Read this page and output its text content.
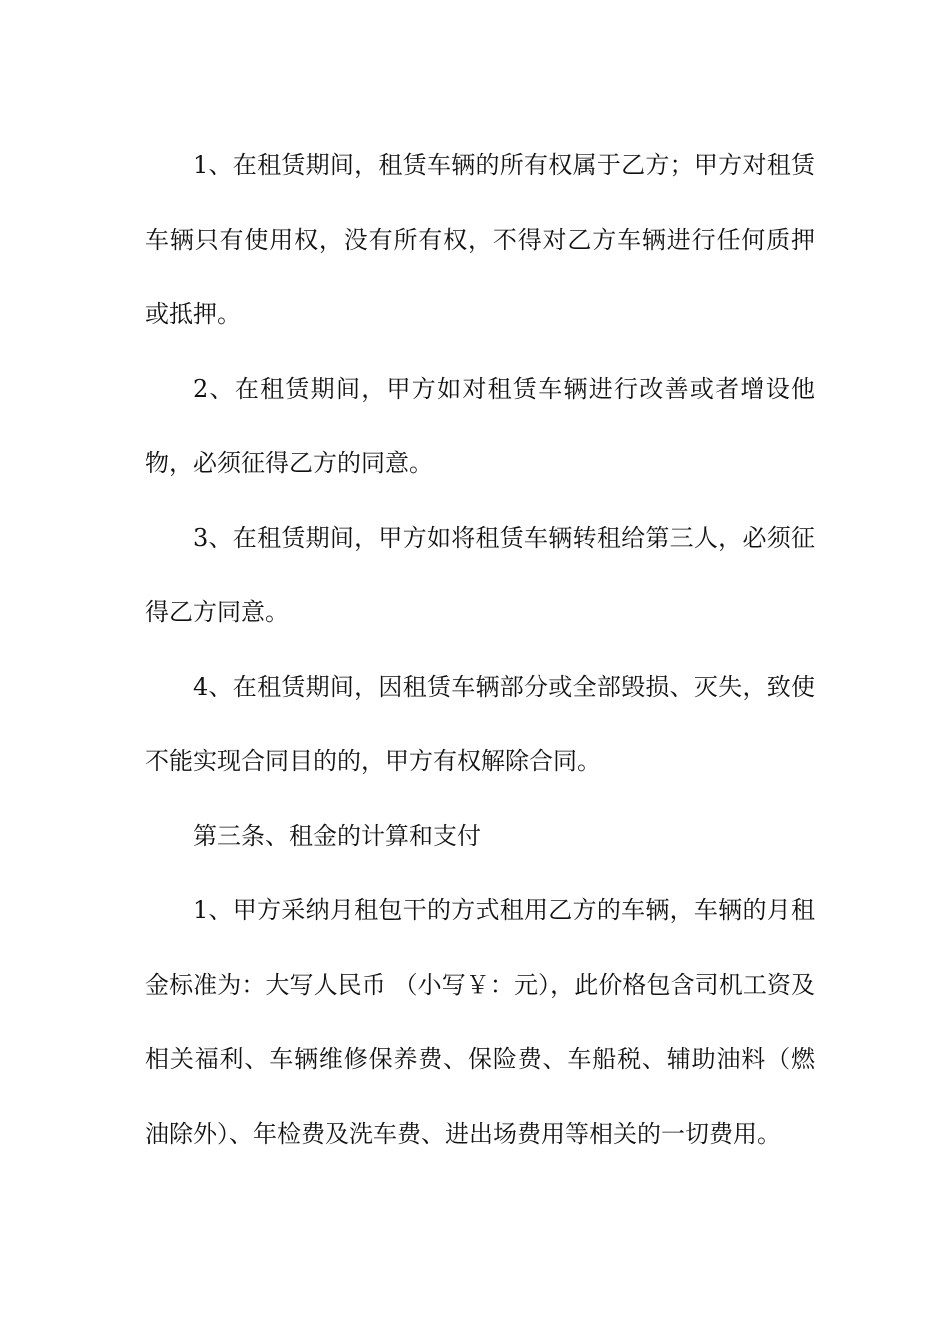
1、在租赁期间，租赁车辆的所有权属于乙方；甲方对租赁车辆只有使用权，没有所有权，不得对乙方车辆进行任何质押或抵押。

2、在租赁期间，甲方如对租赁车辆进行改善或者增设他物，必须征得乙方的同意。

3、在租赁期间，甲方如将租赁车辆转租给第三人，必须征得乙方同意。

4、在租赁期间，因租赁车辆部分或全部毁损、灭失，致使不能实现合同目的的，甲方有权解除合同。

第三条、租金的计算和支付

1、甲方采纳月租包干的方式租用乙方的车辆，车辆的月租金标准为：大写人民币 （小写￥：元），此价格包含司机工资及相关福利、车辆维修保养费、保险费、车船税、辅助油料（燃油除外）、年检费及洗车费、进出场费用等相关的一切费用。
